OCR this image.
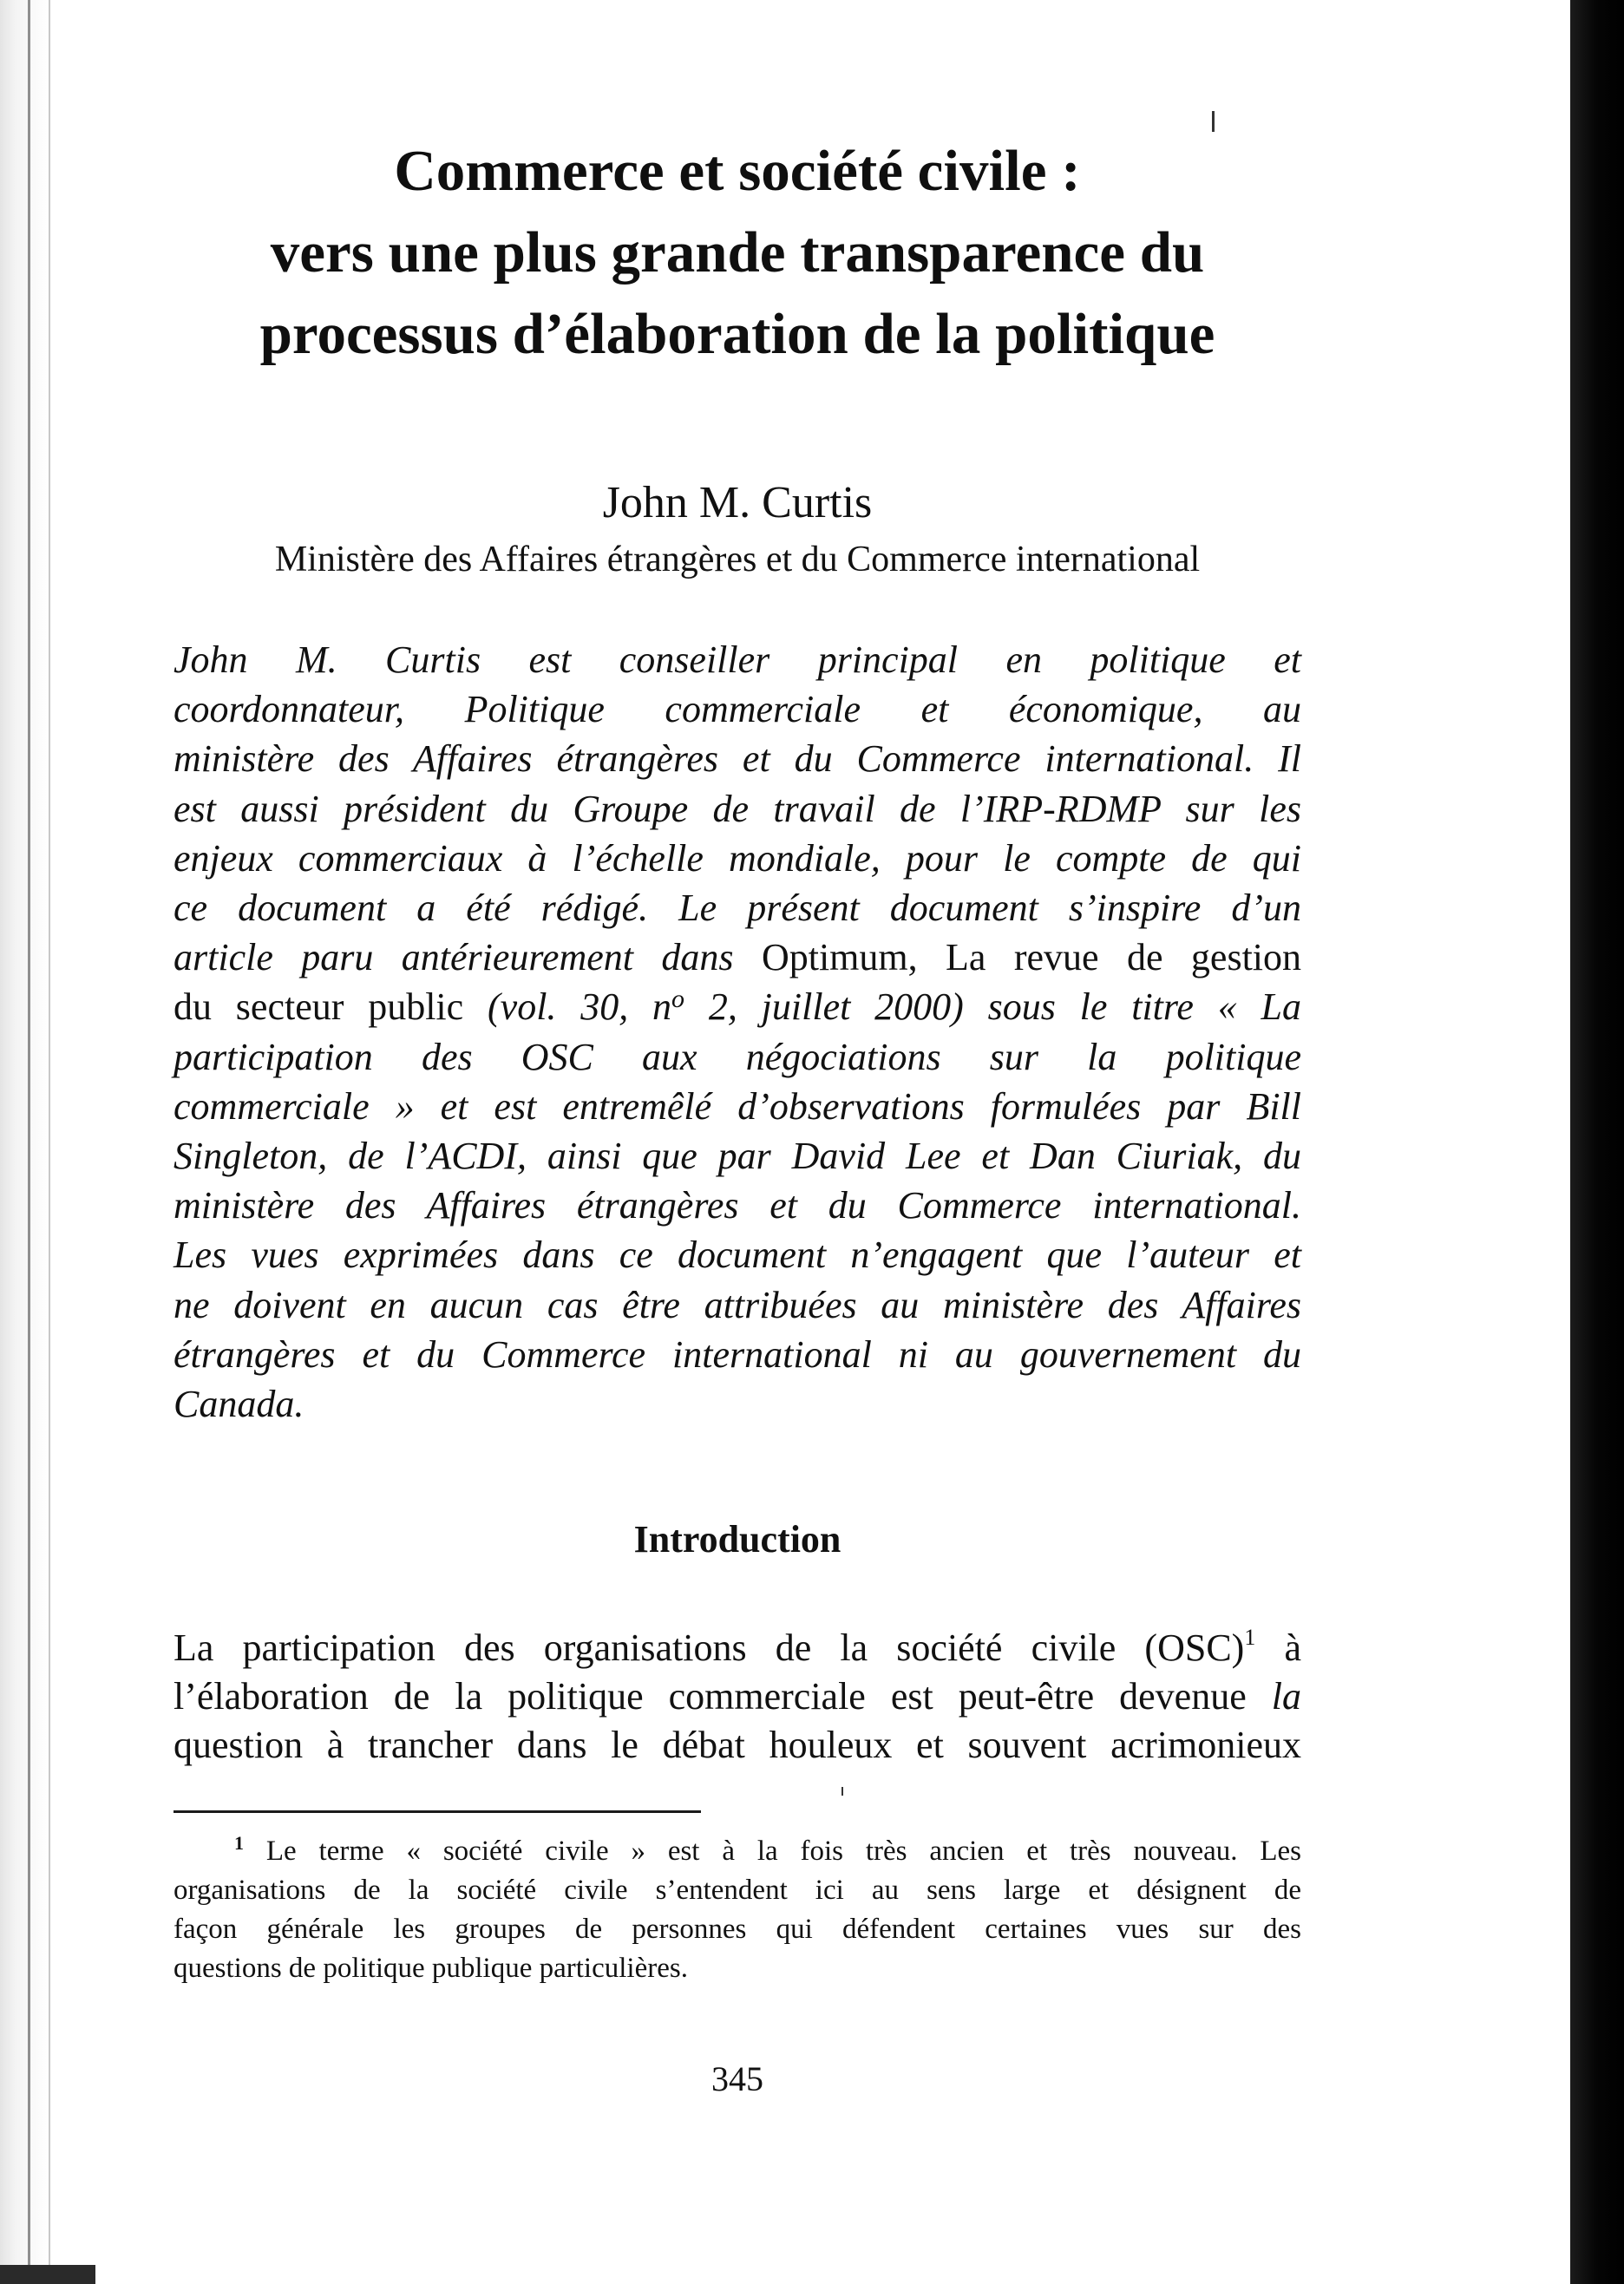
Commerce et société civile :
vers une plus grande transparence du
processus d’élaboration de la politique

John M. Curtis

Ministère des Affaires étrangères et du Commerce international

John M. Curtis est conseiller principal en politique et
coordonnateur, Politique commerciale et économique, au
ministère des Affaires étrangères et du Commerce international. Il
est aussi président du Groupe de travail de l’IRP-RDMP sur les
enjeux commerciaux à l’échelle mondiale, pour le compte de qui
ce document a été rédigé. Le présent document s’inspire d’un
article paru antérieurement dans Optimum, La revue de gestion
du secteur public (vol. 30, $n^o$ 2, juillet 2000) sous le titre « La
participation des OSC aux négociations sur la politique
commerciale » et est entremêlé d’observations formulées par Bill
Singleton, de l’ACDI, ainsi que par David Lee et Dan Ciuriak, du
ministère des Affaires étrangères et du Commerce international.
Les vues exprimées dans ce document n’engagent que l’auteur et
ne doivent en aucun cas être attribuées au ministère des Affaires
étrangères et du Commerce international ni au gouvernement du
Canada.
Introduction
La participation des organisations de la société civile (OSC)$^1$ à
l’élaboration de la politique commerciale est peut-être devenue la
question à trancher dans le débat houleux et souvent acrimonieux
$^1$ Le terme « société civile » est à la fois très ancien et très nouveau. Les
organisations de la société civile s’entendent ici au sens large et désignent de
façon générale les groupes de personnes qui défendent certaines vues sur des
questions de politique publique particulières.

345
